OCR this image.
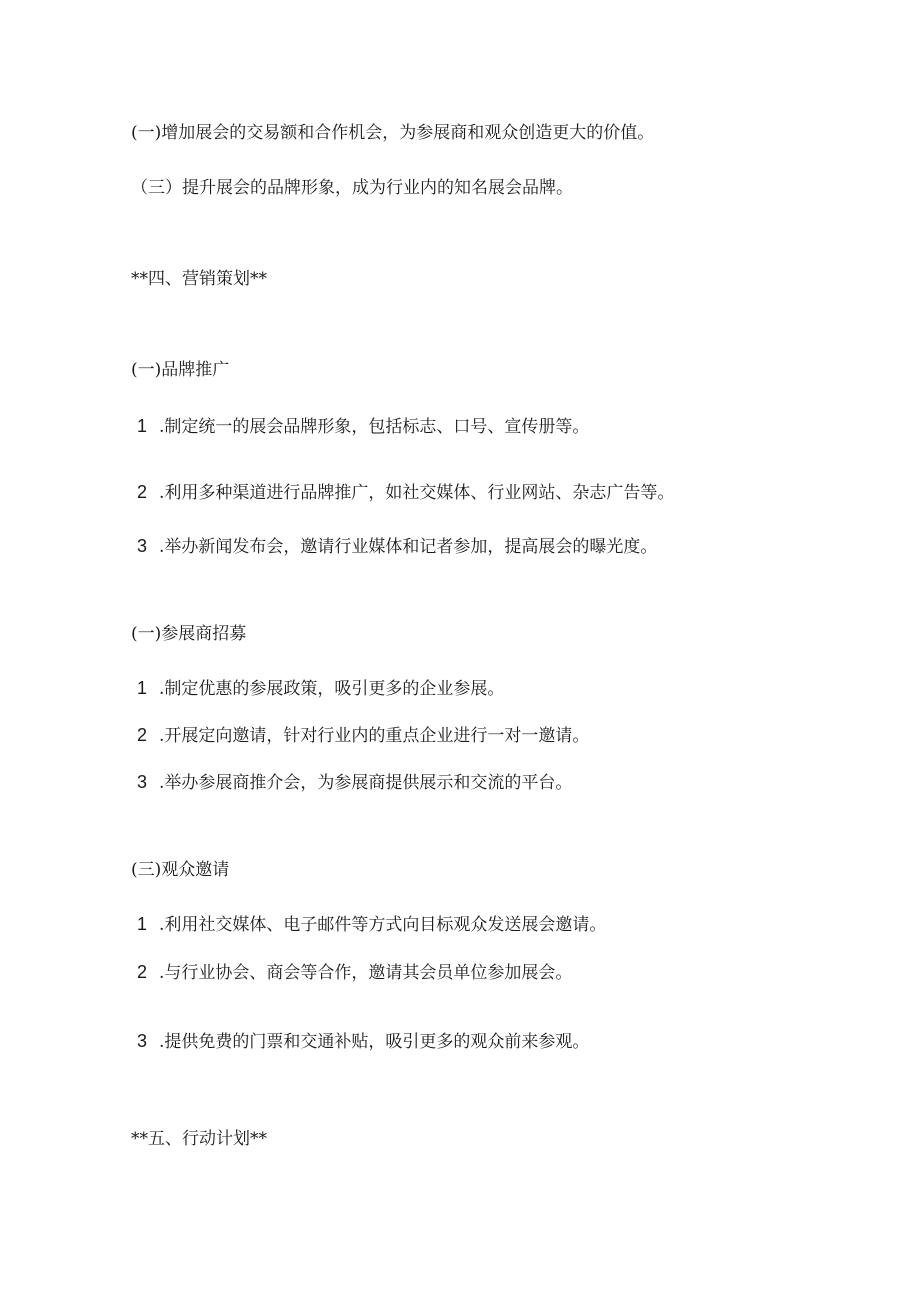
(一)增加展会的交易额和合作机会，为参展商和观众创造更大的价值。
（三）提升展会的品牌形象，成为行业内的知名展会品牌。
**四、营销策划**
(一)品牌推广
1 .制定统一的展会品牌形象，包括标志、口号、宣传册等。
2 .利用多种渠道进行品牌推广，如社交媒体、行业网站、杂志广告等。
3 .举办新闻发布会，邀请行业媒体和记者参加，提高展会的曝光度。
(一)参展商招募
1 .制定优惠的参展政策，吸引更多的企业参展。
2 .开展定向邀请，针对行业内的重点企业进行一对一邀请。
3 .举办参展商推介会，为参展商提供展示和交流的平台。
(三)观众邀请
1 .利用社交媒体、电子邮件等方式向目标观众发送展会邀请。
2 .与行业协会、商会等合作，邀请其会员单位参加展会。
3 .提供免费的门票和交通补贴，吸引更多的观众前来参观。
**五、行动计划**
